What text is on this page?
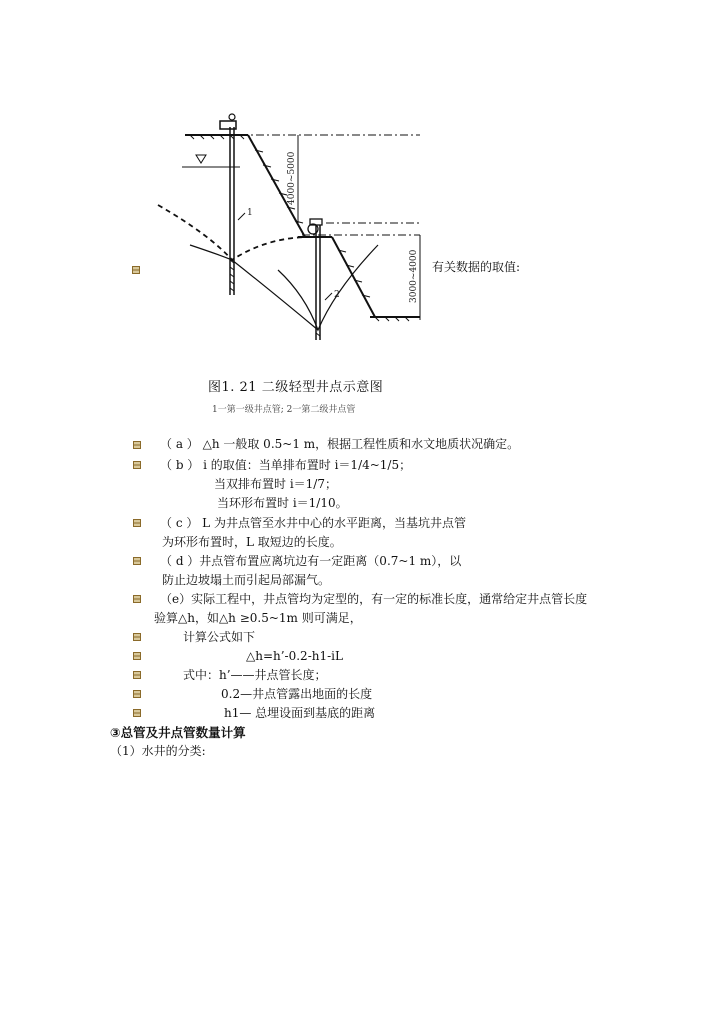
1
2
4000~5000
3000~4000 有关数据的取值:
图1. 21 二级轻型井点示意图
1一第一级井点管; 2一第二级井点管
（ a ） △h 一般取 0.5~1 m，根据工程性质和水文地质状况确定。
（ b ） i 的取值：当单排布置时 i＝1/4~1/5；
当双排布置时 i＝1/7；
当环形布置时 i＝1/10。
（ c ） L 为井点管至水井中心的水平距离，当基坑井点管
为环形布置时，L 取短边的长度。
（ d ）井点管布置应离坑边有一定距离（0.7~1 m），以
防止边坡塌土而引起局部漏气。
（e）实际工程中，井点管均为定型的，有一定的标准长度，通常给定井点管长度
验算△h，如△h ≥0.5~1m 则可满足，
计算公式如下
△h=h’-0.2-h1-iL
式中：h’——井点管长度；
0.2—井点管露出地面的长度
h1— 总埋设面到基底的距离
③总管及井点管数量计算
（1）水井的分类:
